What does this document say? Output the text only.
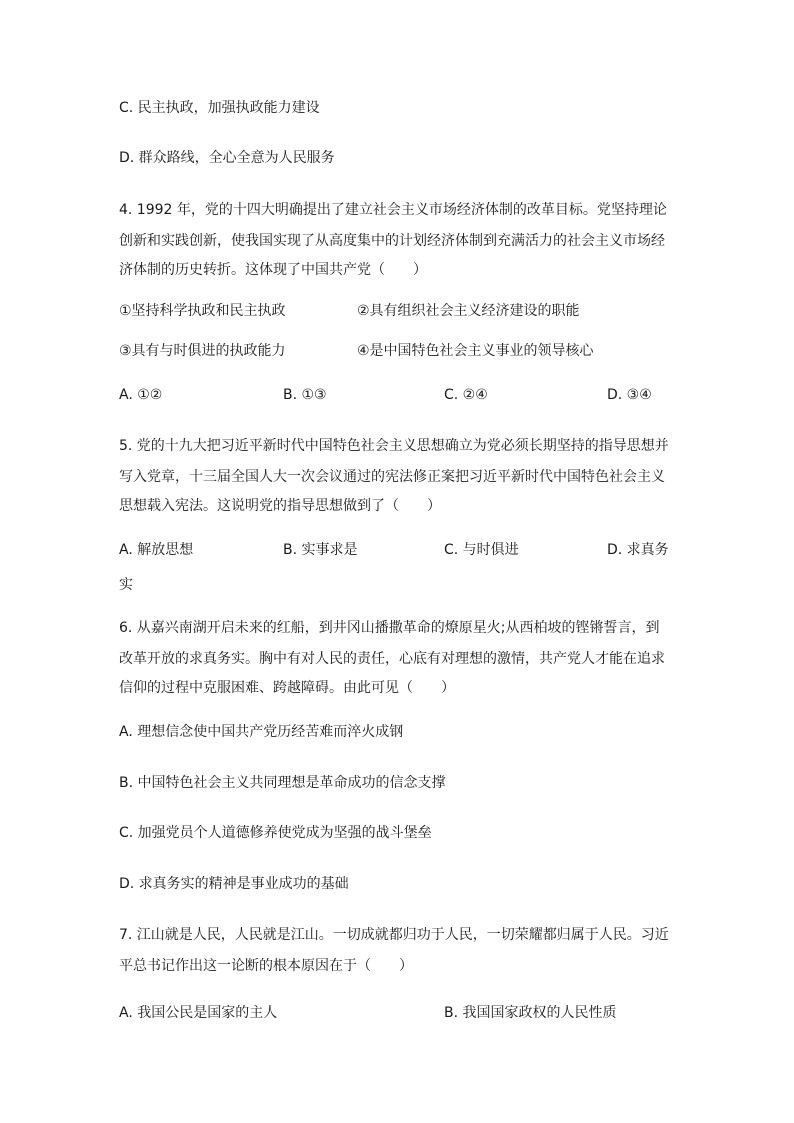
C. 民主执政，加强执政能力建设
D. 群众路线，全心全意为人民服务
4. 1992 年，党的十四大明确提出了建立社会主义市场经济体制的改革目标。党坚持理论
创新和实践创新，使我国实现了从高度集中的计划经济体制到充满活力的社会主义市场经
济体制的历史转折。这体现了中国共产党（　　）
①坚持科学执政和民主执政	②具有组织社会主义经济建设的职能
③具有与时俱进的执政能力	④是中国特色社会主义事业的领导核心
A. ①②	B. ①③	C. ②④	D. ③④
5. 党的十九大把习近平新时代中国特色社会主义思想确立为党必须长期坚持的指导思想并
写入党章，十三届全国人大一次会议通过的宪法修正案把习近平新时代中国特色社会主义
思想载入宪法。这说明党的指导思想做到了（　　）
A. 解放思想	B. 实事求是	C. 与时俱进	D. 求真务
实
6. 从嘉兴南湖开启未来的红船，到井冈山播撒革命的燎原星火;从西柏坡的铿锵誓言，到
改革开放的求真务实。胸中有对人民的责任，心底有对理想的激情，共产党人才能在追求
信仰的过程中克服困难、跨越障碍。由此可见（　　）
A. 理想信念使中国共产党历经苦难而淬火成钢
B. 中国特色社会主义共同理想是革命成功的信念支撑
C. 加强党员个人道德修养使党成为坚强的战斗堡垒
D. 求真务实的精神是事业成功的基础
7. 江山就是人民，人民就是江山。一切成就都归功于人民，一切荣耀都归属于人民。习近
平总书记作出这一论断的根本原因在于（　　）
A. 我国公民是国家的主人	B. 我国国家政权的人民性质
